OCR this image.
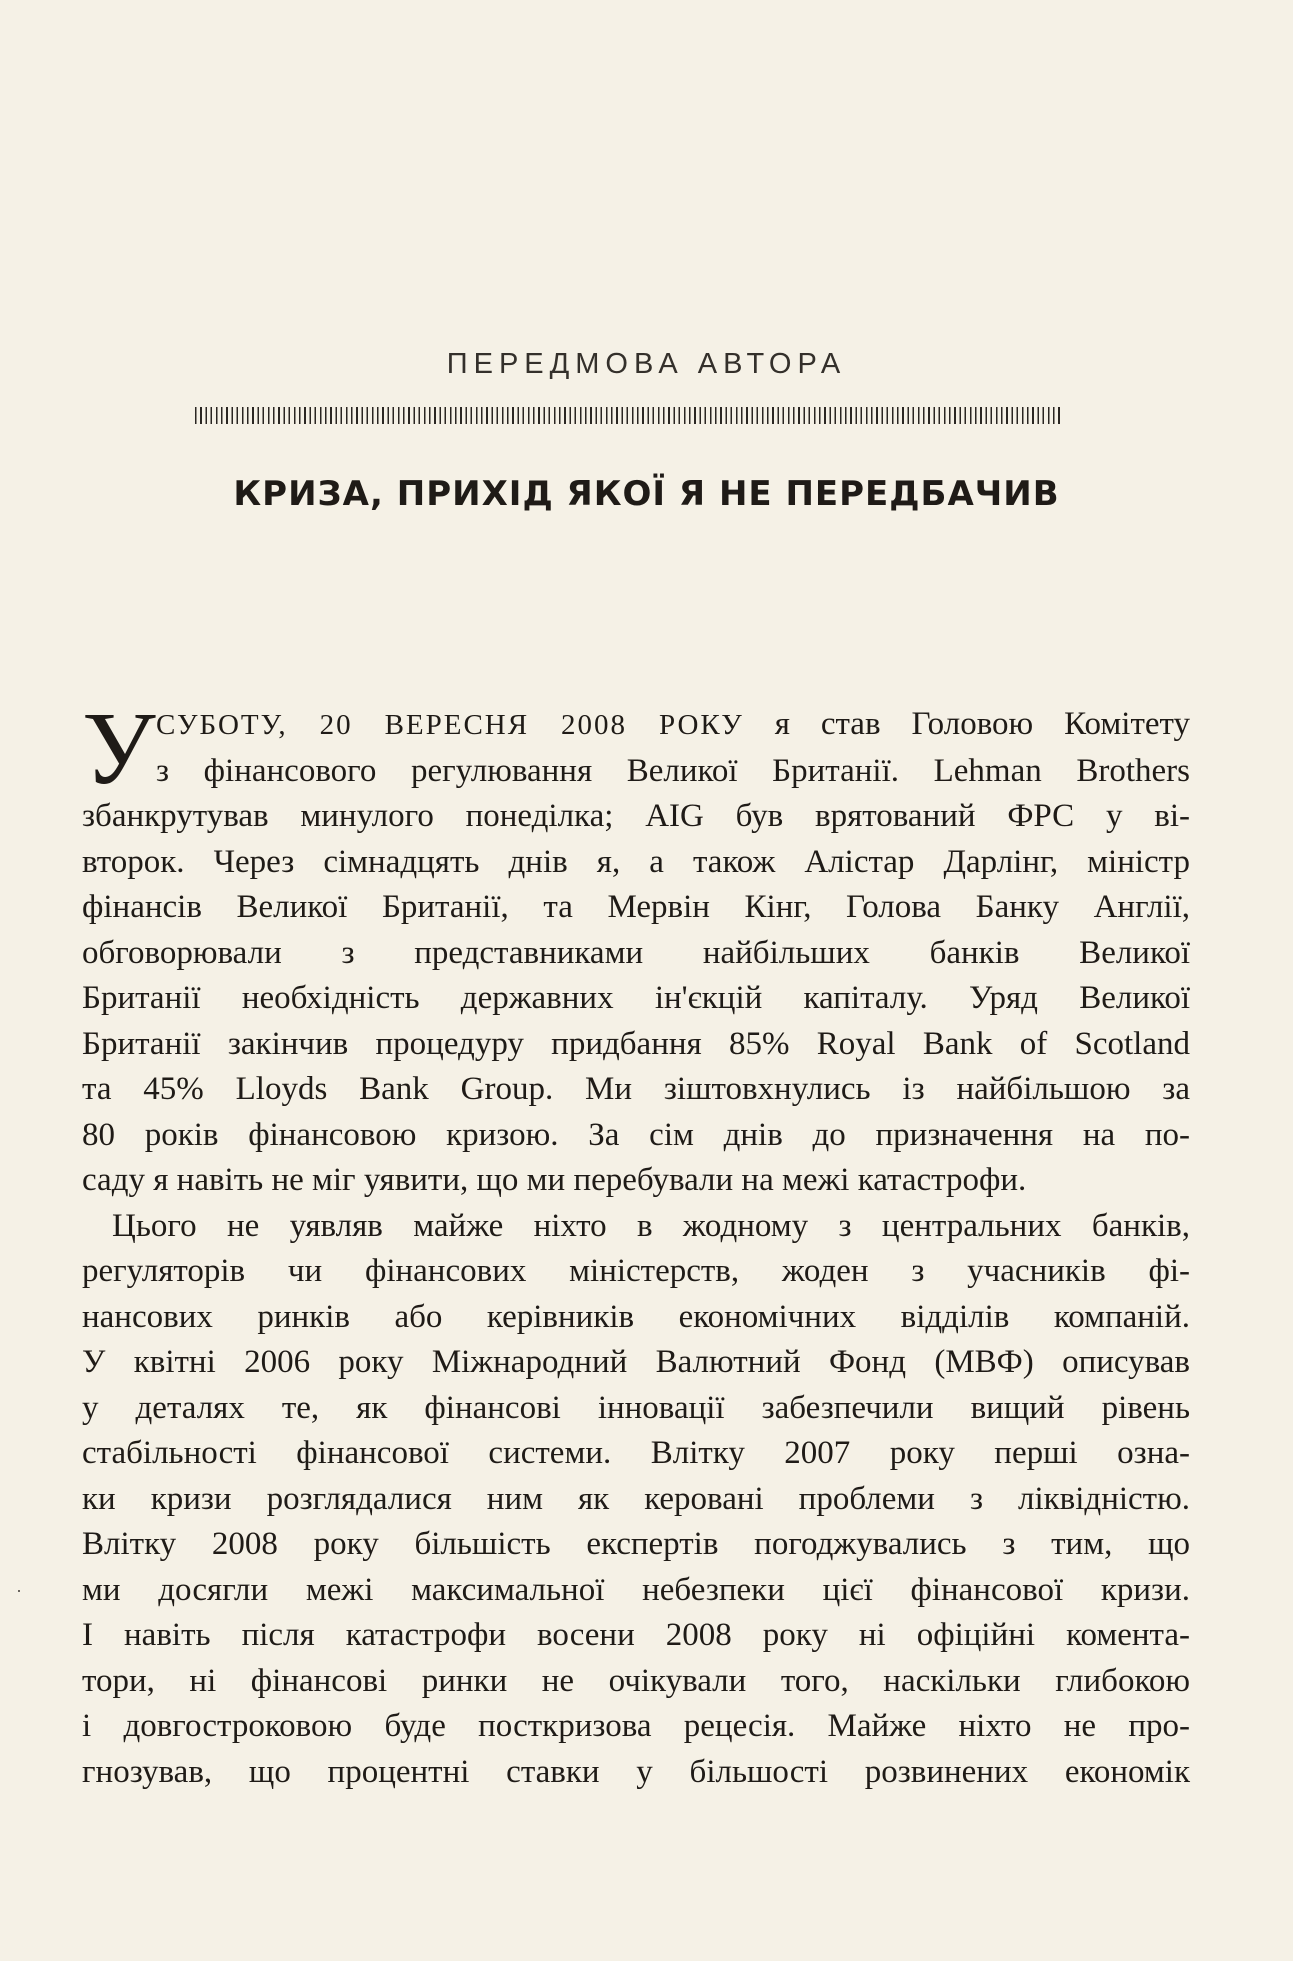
ПЕРЕДМОВА АВТОРА
КРИЗА, ПРИХІД ЯКОЇ Я НЕ ПЕРЕДБАЧИВ
У СУБОТУ, 20 ВЕРЕСНЯ 2008 РОКУ я став Головою Комітету
з фінансового регулювання Великої Британії. Lehman Brothers
збанкрутував минулого понеділка; AIG був врятований ФРС у ві-
второк. Через сімнадцять днів я, а також Алістар Дарлінг, міністр
фінансів Великої Британії, та Мервін Кінг, Голова Банку Англії,
обговорювали з представниками найбільших банків Великої
Британії необхідність державних ін'єкцій капіталу. Уряд Великої
Британії закінчив процедуру придбання 85% Royal Bank of Scotland
та 45% Lloyds Bank Group. Ми зіштовхнулись із найбільшою за
80 років фінансовою кризою. За сім днів до призначення на по-
саду я навіть не міг уявити, що ми перебували на межі катастрофи.
Цього не уявляв майже ніхто в жодному з центральних банків,
регуляторів чи фінансових міністерств, жоден з учасників фі-
нансових ринків або керівників економічних відділів компаній.
У квітні 2006 року Міжнародний Валютний Фонд (МВФ) описував
у деталях те, як фінансові інновації забезпечили вищий рівень
стабільності фінансової системи. Влітку 2007 року перші озна-
ки кризи розглядалися ним як керовані проблеми з ліквідністю.
Влітку 2008 року більшість експертів погоджувались з тим, що
ми досягли межі максимальної небезпеки цієї фінансової кризи.
І навіть після катастрофи восени 2008 року ні офіційні комента-
тори, ні фінансові ринки не очікували того, наскільки глибокою
і довгостроковою буде посткризова рецесія. Майже ніхто не про-
гнозував, що процентні ставки у більшості розвинених економік
